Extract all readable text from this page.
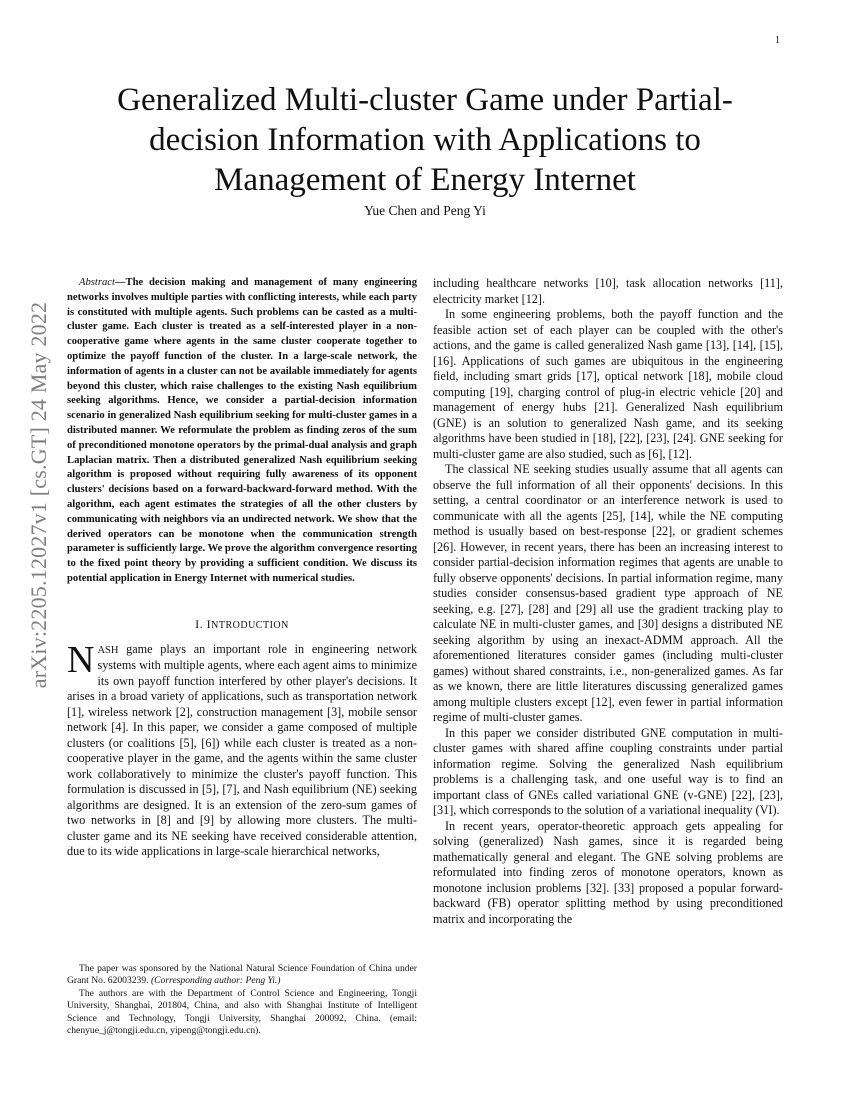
1
arXiv:2205.12027v1 [cs.GT] 24 May 2022
Generalized Multi-cluster Game under Partial-decision Information with Applications to Management of Energy Internet
Yue Chen and Peng Yi

Abstract—The decision making and management of many engineering networks involves multiple parties with conflicting interests, while each party is constituted with multiple agents. Such problems can be casted as a multi-cluster game. Each cluster is treated as a self-interested player in a non-cooperative game where agents in the same cluster cooperate together to optimize the payoff function of the cluster. In a large-scale network, the information of agents in a cluster can not be available immediately for agents beyond this cluster, which raise challenges to the existing Nash equilibrium seeking algorithms. Hence, we consider a partial-decision information scenario in generalized Nash equilibrium seeking for multi-cluster games in a distributed manner. We reformulate the problem as finding zeros of the sum of preconditioned monotone operators by the primal-dual analysis and graph Laplacian matrix. Then a distributed generalized Nash equilibrium seeking algorithm is proposed without requiring fully awareness of its opponent clusters' decisions based on a forward-backward-forward method. With the algorithm, each agent estimates the strategies of all the other clusters by communicating with neighbors via an undirected network. We show that the derived operators can be monotone when the communication strength parameter is sufficiently large. We prove the algorithm convergence resorting to the fixed point theory by providing a sufficient condition. We discuss its potential application in Energy Internet with numerical studies.

I. INTRODUCTION

NASH game plays an important role in engineering network systems with multiple agents, where each agent aims to minimize its own payoff function interfered by other player's decisions. It arises in a broad variety of applications, such as transportation network [1], wireless network [2], construction management [3], mobile sensor network [4]. In this paper, we consider a game composed of multiple clusters (or coalitions [5], [6]) while each cluster is treated as a non-cooperative player in the game, and the agents within the same cluster work collaboratively to minimize the cluster's payoff function. This formulation is discussed in [5], [7], and Nash equilibrium (NE) seeking algorithms are designed. It is an extension of the zero-sum games of two networks in [8] and [9] by allowing more clusters. The multi-cluster game and its NE seeking have received considerable attention, due to its wide applications in large-scale hierarchical networks,

including healthcare networks [10], task allocation networks [11], electricity market [12].

In some engineering problems, both the payoff function and the feasible action set of each player can be coupled with the other's actions, and the game is called generalized Nash game [13], [14], [15], [16]. Applications of such games are ubiquitous in the engineering field, including smart grids [17], optical network [18], mobile cloud computing [19], charging control of plug-in electric vehicle [20] and management of energy hubs [21]. Generalized Nash equilibrium (GNE) is an solution to generalized Nash game, and its seeking algorithms have been studied in [18], [22], [23], [24]. GNE seeking for multi-cluster game are also studied, such as [6], [12].

The classical NE seeking studies usually assume that all agents can observe the full information of all their opponents' decisions. In this setting, a central coordinator or an interference network is used to communicate with all the agents [25], [14], while the NE computing method is usually based on best-response [22], or gradient schemes [26]. However, in recent years, there has been an increasing interest to consider partial-decision information regimes that agents are unable to fully observe opponents' decisions. In partial information regime, many studies consider consensus-based gradient type approach of NE seeking, e.g. [27], [28] and [29] all use the gradient tracking play to calculate NE in multi-cluster games, and [30] designs a distributed NE seeking algorithm by using an inexact-ADMM approach. All the aforementioned literatures consider games (including multi-cluster games) without shared constraints, i.e., non-generalized games. As far as we known, there are little literatures discussing generalized games among multiple clusters except [12], even fewer in partial information regime of multi-cluster games.

In this paper we consider distributed GNE computation in multi-cluster games with shared affine coupling constraints under partial information regime. Solving the generalized Nash equilibrium problems is a challenging task, and one useful way is to find an important class of GNEs called variational GNE (v-GNE) [22], [23], [31], which corresponds to the solution of a variational inequality (VI).

In recent years, operator-theoretic approach gets appealing for solving (generalized) Nash games, since it is regarded being mathematically general and elegant. The GNE solving problems are reformulated into finding zeros of monotone operators, known as monotone inclusion problems [32]. [33] proposed a popular forward-backward (FB) operator splitting method by using preconditioned matrix and incorporating the

The paper was sponsored by the National Natural Science Foundation of China under Grant No. 62003239. (Corresponding author: Peng Yi.)

The authors are with the Department of Control Science and Engineering, Tongji University, Shanghai, 201804, China, and also with Shanghai Institute of Intelligent Science and Technology, Tongji University, Shanghai 200092, China. (email: chenyue_j@tongji.edu.cn, yipeng@tongji.edu.cn).
